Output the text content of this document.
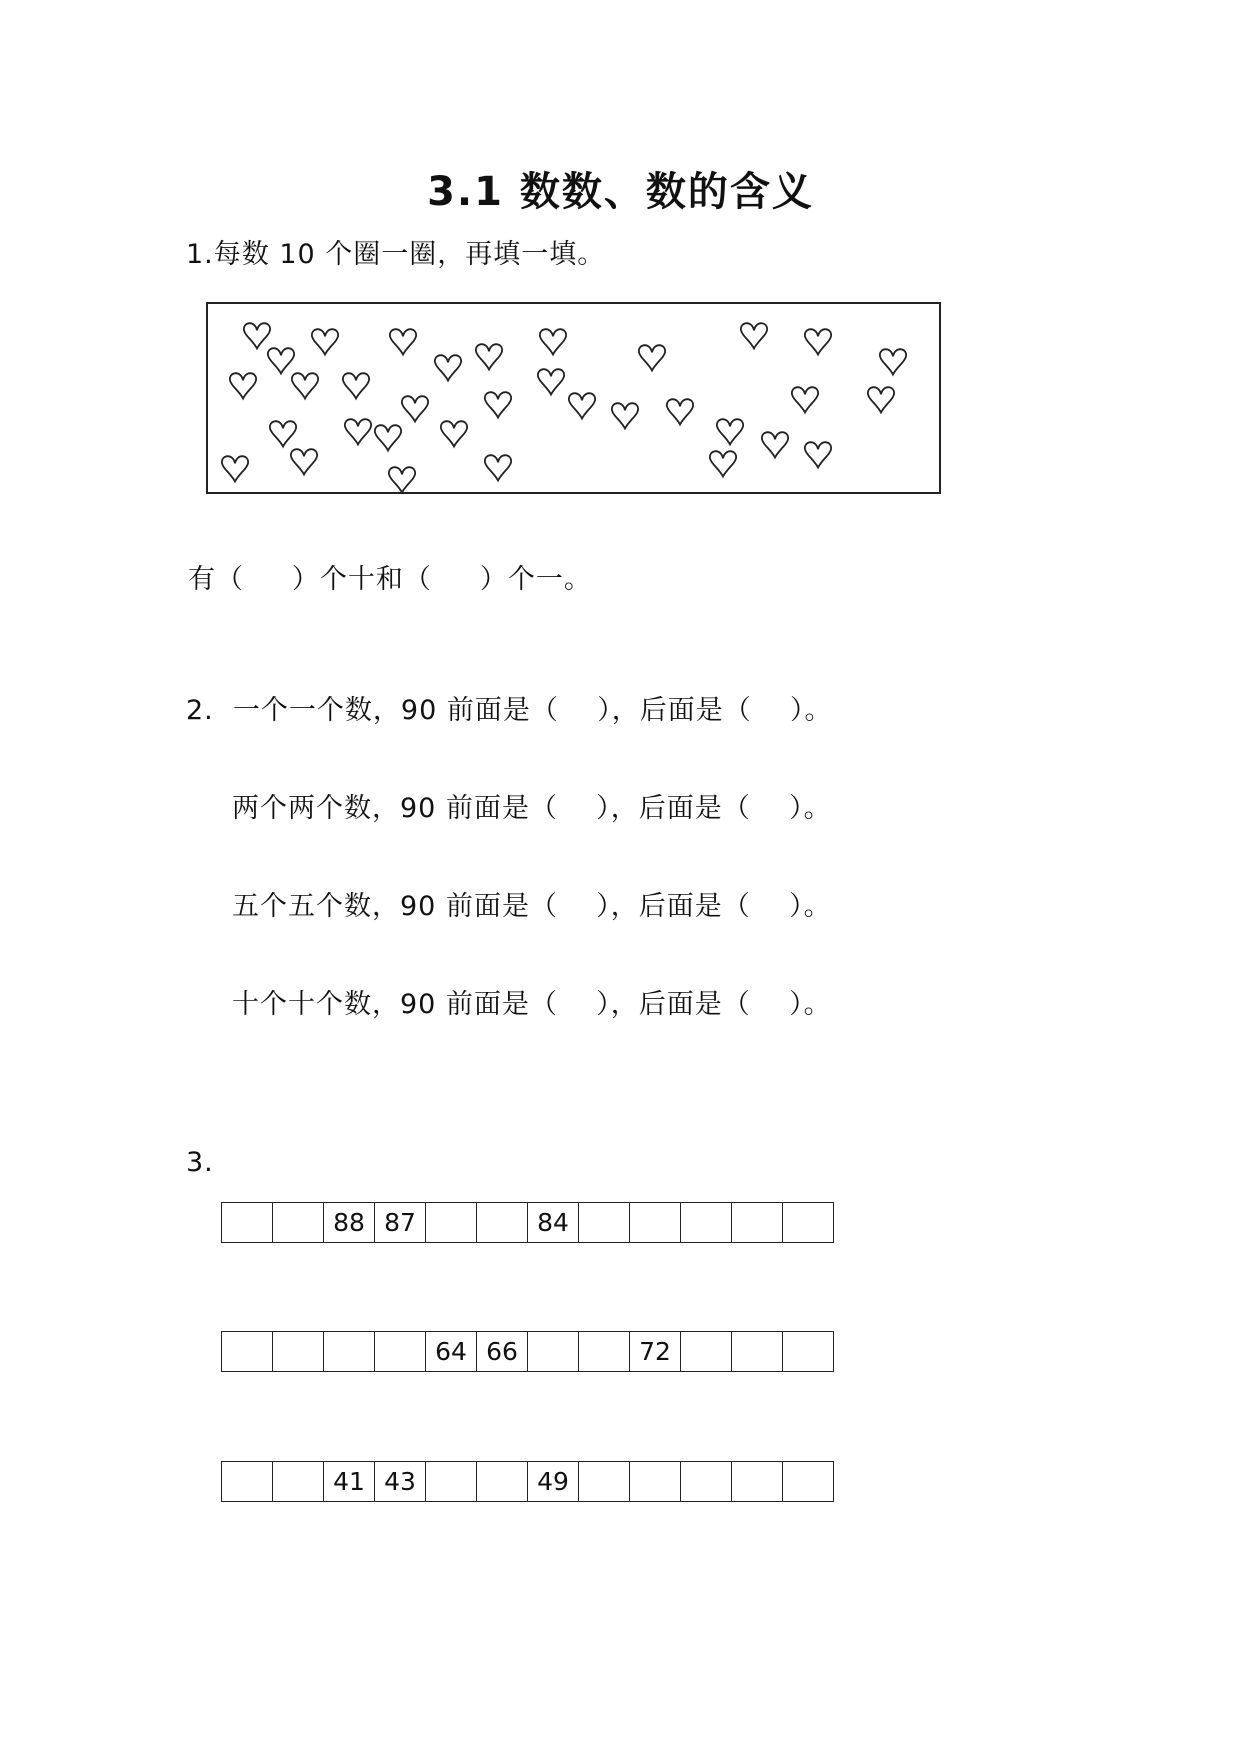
3.1 数数、数的含义
1.每数 10 个圈一圈，再填一填。
有（     ）个十和（     ）个一。
2.  一个一个数，90 前面是（    ），后面是（    ）。
两个两个数，90 前面是（    ），后面是（    ）。
五个五个数，90 前面是（    ），后面是（    ）。
十个十个数，90 前面是（    ），后面是（    ）。
3.
		88	87			84					
				64	66			72			
		41	43			49					
